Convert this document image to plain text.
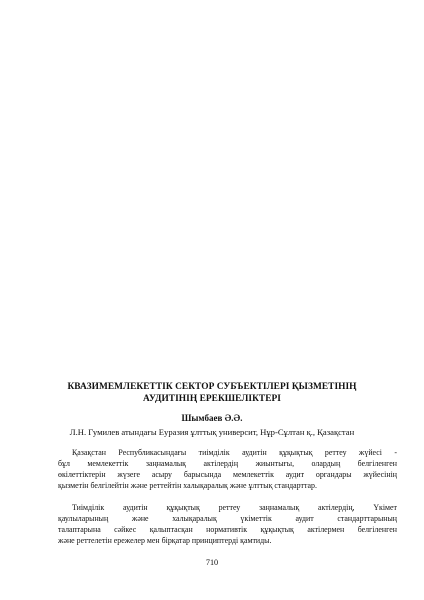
КВАЗИМЕМЛЕКЕТТІК СЕКТОР СУБЪЕКТІЛЕРІ ҚЫЗМЕТІНІҢ
АУДИТІНІҢ ЕРЕКШЕЛІКТЕРІ
Шымбаев Ә.Ә.
Л.Н. Гумилев атындағы Еуразия ұлттық университ, Нұр-Сұлтан қ., Қазақстан
Қазақстан Республикасындағы тиімділік аудитін құқықтық реттеу жүйесі -
бұл мемлекеттік заңнамалық актілердің жиынтығы, олардың белгіленген
өкілеттіктерін жүзеге асыру барысында мемлекеттік аудит органдары жүйесінің
қызметін белгілейтін және реттейтін халықаралық және ұлттық стандарттар.
Тиімділік аудитін құқықтық реттеу заңнамалық актілердің, Үкімет
қаулыларының және халықаралық үкіметтік аудит стандарттарының
талаптарына сәйкес қалыптасқан нормативтік құқықтық актілермен белгіленген
және реттелетін ережелер мен бірқатар принциптерді қамтиды.
710
